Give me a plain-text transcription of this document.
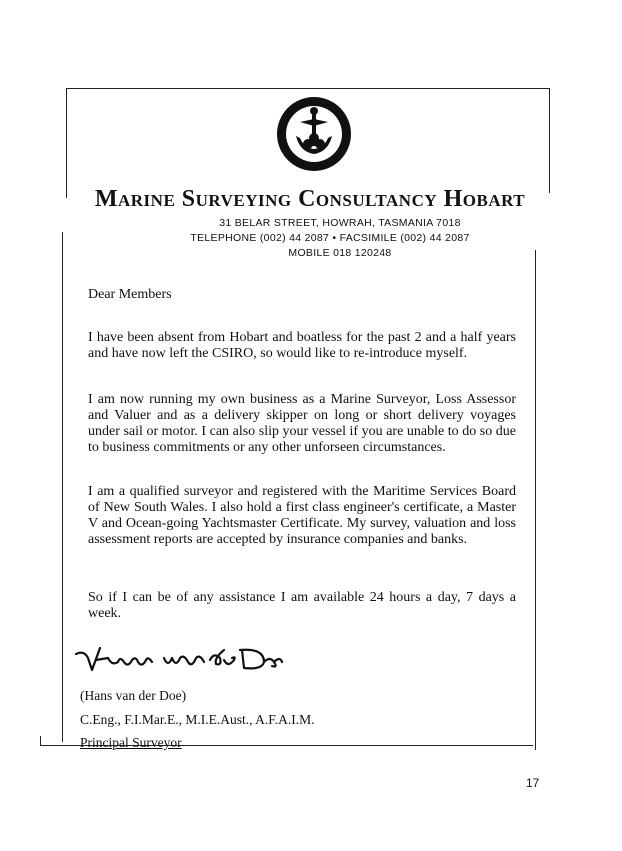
Marine Surveying Consultancy Hobart
31 BELAR STREET, HOWRAH, TASMANIA 7018
TELEPHONE (002) 44 2087 • FACSIMILE (002) 44 2087
MOBILE 018 120248
Dear Members
I have been absent from Hobart and boatless for the past 2 and a half years and have now left the CSIRO, so would like to re-introduce myself.
I am now running my own business as a Marine Surveyor, Loss Assessor and Valuer and as a delivery skipper on long or short delivery voyages under sail or motor. I can also slip your vessel if you are unable to do so due to business commitments or any other unforseen circumstances.
I am a qualified surveyor and registered with the Maritime Services Board of New South Wales. I also hold a first class engineer's certificate, a Master V and Ocean-going Yachtsmaster Certificate. My survey, valuation and loss assessment reports are accepted by insurance companies and banks.
So if I can be of any assistance I am available 24 hours a day, 7 days a week.
(Hans van der Doe)
C.Eng., F.I.Mar.E., M.I.E.Aust., A.F.A.I.M.
Principal Surveyor
17
